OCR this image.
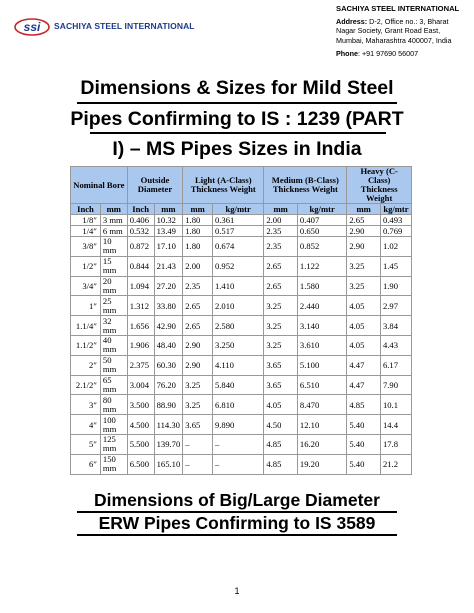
ssi SACHIYA STEEL INTERNATIONAL
SACHIYA STEEL INTERNATIONAL
Address: D-2, Office no.: 3, Bharat
Nagar Society, Grant Road East,
Mumbai, Maharashtra 400007, India
Phone: +91 97690 56007
Dimensions & Sizes for Mild Steel
Pipes Confirming to IS : 1239 (PART
I) – MS Pipes Sizes in India
Nominal Bore		Outside Diameter		Light (A-Class) Thickness Weight		Medium (B-Class) Thickness Weight		Heavy (C-Class) Thickness Weight	
Inch	mm	Inch	mm	mm	kg/mtr	mm	kg/mtr	mm	kg/mtr
1/8″	3 mm	0.406	10.32	1.80	0.361	2.00	0.407	2.65	0.493
1/4″	6 mm	0.532	13.49	1.80	0.517	2.35	0.650	2.90	0.769
3/8″	10 mm	0.872	17.10	1.80	0.674	2.35	0.852	2.90	1.02
1/2″	15 mm	0.844	21.43	2.00	0.952	2.65	1.122	3.25	1.45
3/4″	20 mm	1.094	27.20	2.35	1.410	2.65	1.580	3.25	1.90
1″	25 mm	1.312	33.80	2.65	2.010	3.25	2.440	4.05	2.97
1.1/4″	32 mm	1.656	42.90	2.65	2.580	3.25	3.140	4.05	3.84
1.1/2″	40 mm	1.906	48.40	2.90	3.250	3.25	3.610	4.05	4.43
2″	50 mm	2.375	60.30	2.90	4.110	3.65	5.100	4.47	6.17
2.1/2″	65 mm	3.004	76.20	3.25	5.840	3.65	6.510	4.47	7.90
3″	80 mm	3.500	88.90	3.25	6.810	4.05	8.470	4.85	10.1
4″	100 mm	4.500	114.30	3.65	9.890	4.50	12.10	5.40	14.4
5″	125 mm	5.500	139.70	–	–	4.85	16.20	5.40	17.8
6″	150 mm	6.500	165.10	–	–	4.85	19.20	5.40	21.2
Dimensions of Big/Large Diameter
ERW Pipes Confirming to IS 3589
1
